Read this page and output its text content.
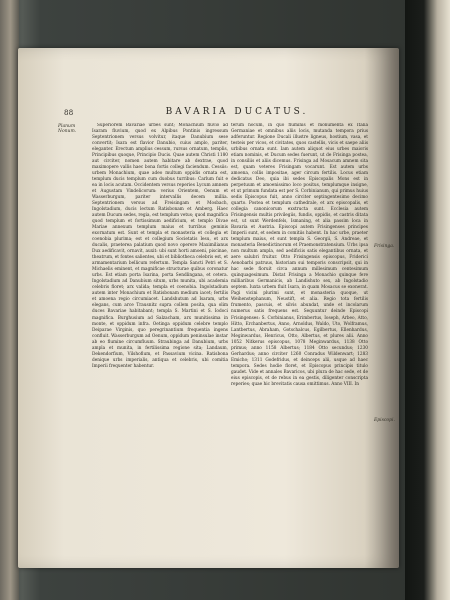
88	BAVARIA DUCATUS.
Planum Nonum.
Frisinga.
Episcopi.

Superiorem Bavariae urbes sunt; Monachium fluvio ad Isaram fluvium, quod ex Alpibus Pontinis ingressum Septentrionem versus volvitur, itaque Danubium sese convertit; Isara est flavior Danubio, cuius amplo, pariter, eleganter. Erectum amplius cessum, rursus ornatum, templis, Principibus quoque, Principio Ducis. Quae autem Christi 1180 aut circiter, nomen autem habitare ab dextrae, quod maximopere vallis haec bona fortis collegi faciendum. Cessiis: urbem Monachium, quae adeo multum oppidis ornata est, templum ducis templum cum duobus turribus: Carlum fuit e ea in locis acutam. Occidentem versus reperies Lycum amnem et Augustam Vindelicorum: verius Orientem, Oenum et Wasserburgum, pariter intervallis decem millia. Septentrionem versus ad Freisingam et Mosbach, Ingolstadium, ducis lectum Ratisbonam et Amberg. Haec autem Ducum sedes, regia, est templum vetus; quod magnifica quod templum et fortissimum aedificium, et templo Divae Mariae annexum templum maius et turribus geminis exornatum est. Sunt et templa et monasteria et collegia et coenobia plurima; est et collegium Societatis Iesu, et arx ducalis, praeterea palatium quod novo operere Maximilianus Dux aedificavit, ornavit, auxit: ubi sunt horti amoeni, piscinae, theatrum, et fontes salientes, ubi et bibliotheca celebris est, et armamentarium bellicum refertum. Templa Sancti Petri et S. Michaelis eminent, et magnificae structurae quibus coronatur urbs. Est etiam porta Isarina, porta Sendlingana, et cetera. Ingolstadium ad Danubium situm, urbs munita, ubi academia celebris floret; arx valida; templa et coenobia. Ingolstadium autem inter Monachium et Ratisbonam medium iacet; fertilis et amoena regio circumiacet. Landshutum ad Isaram, urbs elegans, cum arce Trausnitz supra collem posita, qua olim duces Bavariae habitabant; templa S. Martini et S. Iodoci magnifica. Burghusium ad Salzacham, arx munitissima in monte, et oppidum infra. Oetinga oppidum celebre templo Deiparae Virginis, quo peregrinantium frequentia ingens confluit. Wasserburgum ad Oenum, oppidum peninsulae instar ab eo flumine circumfluum. Straubinga ad Danubium, urbs ampla et munita, in fertilissima regione sita; Landaum, Dekendorfium, Vilshofium, et Passavium vicina. Ratisbona denique urbs imperialis, antiqua et celebris, ubi comitia Imperii frequenter habentur.

terum hocum, in quo fluminis et monumenta ex Italia Germaniae et omnibus aliis locis, mutanda tempora prius adferuntur. Regione Ducali illustre ligneus, hostium, vasa, et testeis per vicos, et civitates, quos castellis, vicis et saepe aliis urbibus ornata sunt. Iam autem aliquot eius urbes maioris etiam nominis, et Ducum sedes fuerunt, ut de Frisinga postea, in consiliis et aliis dicemus. Frisinga ad Mosacum amnem sita est, quam veteres Frisingam vocarunt. Est autem urbs amoena, collis impositae, ager circum fertilis. Locus etiam dedicatus Deo, quia ibi sedes Episcopalis Mons est in perpetuum et amoenissimo loco positus, templumque insigne, et ut primum fundata est per S. Corbinianum, qui primus huius sedis Episcopus fuit, anno circiter septingentesimo decimo quarto. Postea et templum cathedrale, et arx episcopalis, et collegia canonicorum exstructa sunt. Ecclesia autem Frisingensis multis privilegiis, fundis, oppidis, et castris ditata est, ut sunt Werdenfels, Ismaning, et alia passim loca in Bavaria et Austria. Episcopi autem Frisingenses principes Imperii sunt, et sedem in comitiis habent. In hac urbe, praeter templum maius, et sunt templa S. Georgii, S. Andreae, et monasteria Benedictinorum et Praemonstratensium. Urbs ipsa non multum ampla, sed aedificiis satis elegantibus ornata, et aere salubri fruitur. Otto Frisingensis episcopus, Friderici Aenobarbi patruus, historiam sui temporis conscripsit, qui in hac sede floruit circa annum millesimum centesimum quinquagesimum. Distat Frisinga a Monachio quinque fere milliaribus Germanicis, ab Landishuto sex, ab Ingolstadio septem. Iuxta urbem fluit Isara, in quam Mosacus se exonerat. Pagi vicini plurimi sunt, et monasteria quoque, ut Weihenstephanum, Neustift, et alia. Regio tota fertilis frumento, pascuis, et silvis abundat, unde et incolarum numerus satis frequens est. Sequuntur deinde Episcopi Frisingenses: S. Corbinianus, Erimbertus, Ioseph, Arbeo, Atto, Hitto, Erchanbertus, Anno, Arnoldus, Waldo, Uto, Wolframus, Lantbertus, Abraham, Gotschalcus, Egilbertus, Ellenhardus, Meginwardus, Henricus, Otto, Albertus, et plures alii. Anno 1052 Nitkerus episcopus, 1078 Meginwardus, 1138 Otto primus; anno 1158 Albertus; 1184 Otto secundus; 1230 Gerhardus; anno circiter 1260 Conradus Wildenwart; 1283 Emicho; 1311 Godefridus, et deinceps alii, usque ad haec tempora. Sedes hodie floret, et Episcopus principis titulo gaudet. Vide et annales Bavaricos, ubi plura de hac sede, et de eius episcopis, et de rebus in ea gestis, diligenter conscripta reperies; quae hic brevitatis causa omittimus. Anno VIII. In
